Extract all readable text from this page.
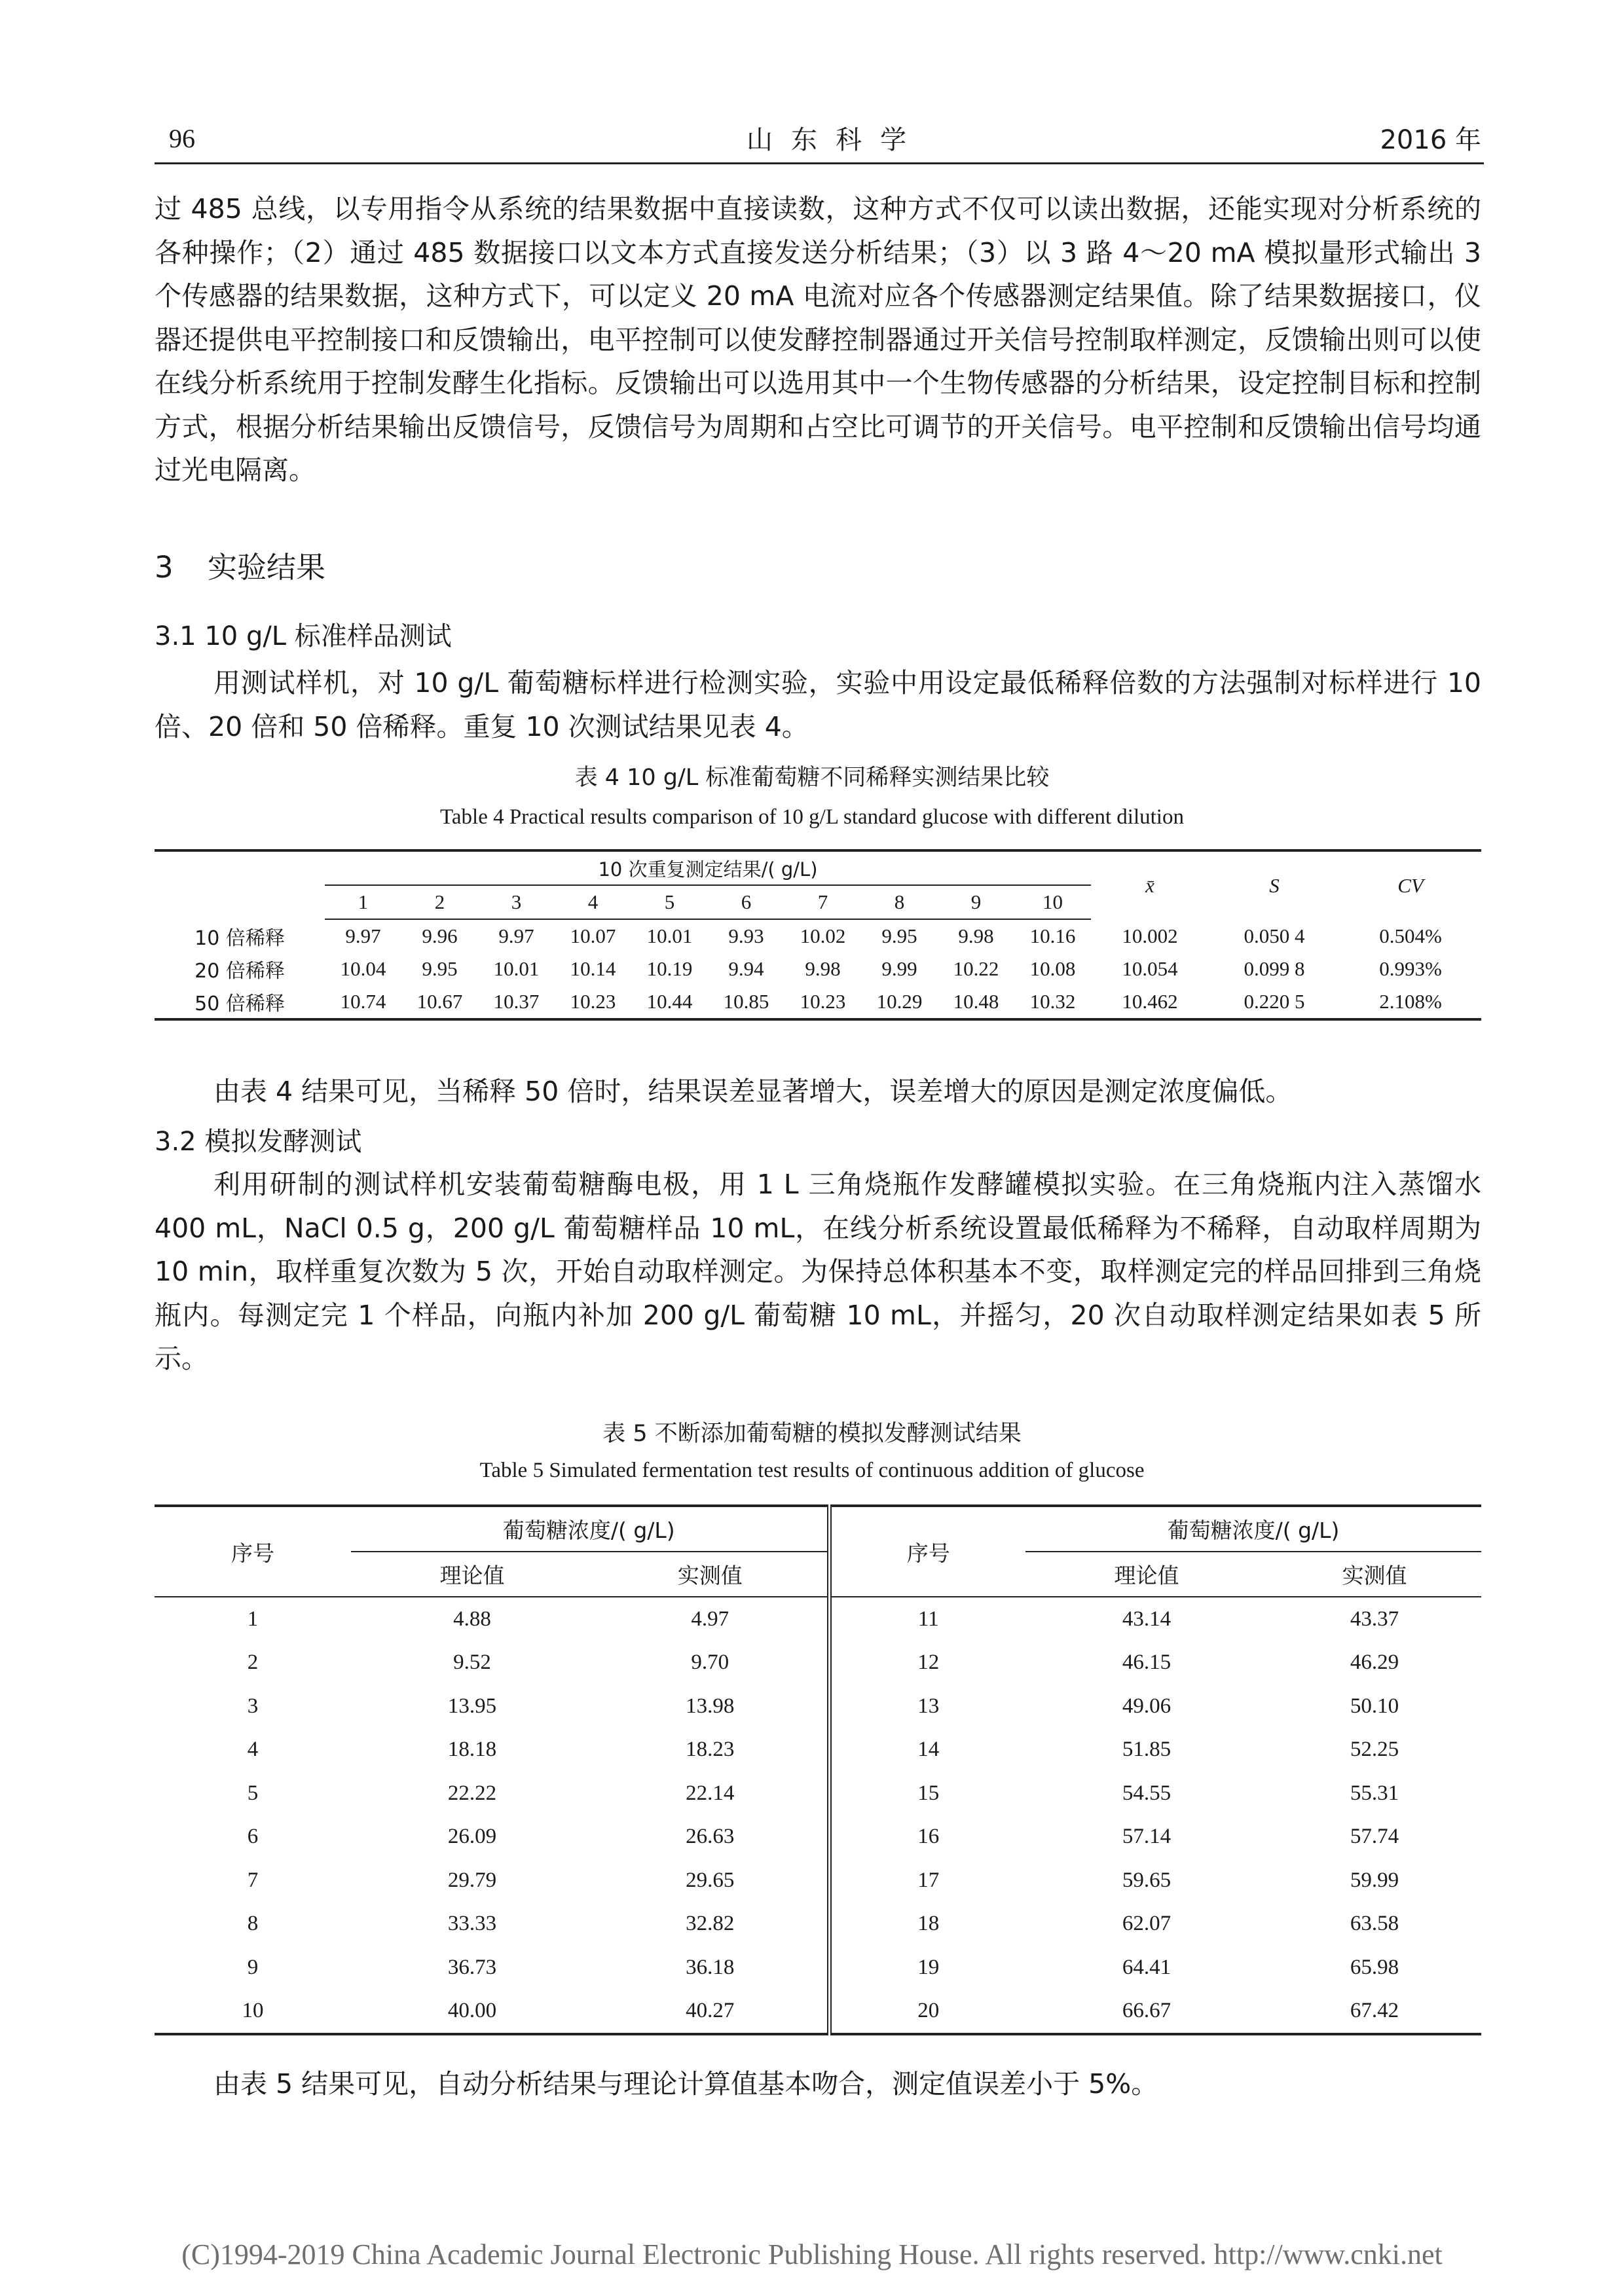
96	山东科学	2016 年

过 485 总线，以专用指令从系统的结果数据中直接读数，这种方式不仅可以读出数据，还能实现对分析系统的各种操作；（2）通过 485 数据接口以文本方式直接发送分析结果；（3）以 3 路 4～20 mA 模拟量形式输出 3 个传感器的结果数据，这种方式下，可以定义 20 mA 电流对应各个传感器测定结果值。除了结果数据接口，仪器还提供电平控制接口和反馈输出，电平控制可以使发酵控制器通过开关信号控制取样测定，反馈输出则可以使在线分析系统用于控制发酵生化指标。反馈输出可以选用其中一个生物传感器的分析结果，设定控制目标和控制方式，根据分析结果输出反馈信号，反馈信号为周期和占空比可调节的开关信号。电平控制和反馈输出信号均通过光电隔离。

3 实验结果
3.1 10 g/L 标准样品测试

用测试样机，对 10 g/L 葡萄糖标样进行检测实验，实验中用设定最低稀释倍数的方法强制对标样进行 10 倍、20 倍和 50 倍稀释。重复 10 次测试结果见表 4。

表 4 10 g/L 标准葡萄糖不同稀释实测结果比较
Table 4 Practical results comparison of 10 g/L standard glucose with different dilution
	10 次重复测定结果/( g/L)										x̄	S	CV
	1	2	3	4	5	6	7	8	9	10			
10 倍稀释	9.97	9.96	9.97	10.07	10.01	9.93	10.02	9.95	9.98	10.16	10.002	0.050 4	0.504%
20 倍稀释	10.04	9.95	10.01	10.14	10.19	9.94	9.98	9.99	10.22	10.08	10.054	0.099 8	0.993%
50 倍稀释	10.74	10.67	10.37	10.23	10.44	10.85	10.23	10.29	10.48	10.32	10.462	0.220 5	2.108%

由表 4 结果可见，当稀释 50 倍时，结果误差显著增大，误差增大的原因是测定浓度偏低。

3.2 模拟发酵测试

利用研制的测试样机安装葡萄糖酶电极，用 1 L 三角烧瓶作发酵罐模拟实验。在三角烧瓶内注入蒸馏水 400 mL，NaCl 0.5 g，200 g/L 葡萄糖样品 10 mL，在线分析系统设置最低稀释为不稀释，自动取样周期为 10 min，取样重复次数为 5 次，开始自动取样测定。为保持总体积基本不变，取样测定完的样品回排到三角烧瓶内。每测定完 1 个样品，向瓶内补加 200 g/L 葡萄糖 10 mL，并摇匀，20 次自动取样测定结果如表 5 所示。

表 5 不断添加葡萄糖的模拟发酵测试结果
Table 5 Simulated fermentation test results of continuous addition of glucose
序号	葡萄糖浓度/( g/L)		序号	葡萄糖浓度/( g/L)	
	理论值	实测值		理论值	实测值
1	4.88	4.97	11	43.14	43.37
2	9.52	9.70	12	46.15	46.29
3	13.95	13.98	13	49.06	50.10
4	18.18	18.23	14	51.85	52.25
5	22.22	22.14	15	54.55	55.31
6	26.09	26.63	16	57.14	57.74
7	29.79	29.65	17	59.65	59.99
8	33.33	32.82	18	62.07	63.58
9	36.73	36.18	19	64.41	65.98
10	40.00	40.27	20	66.67	67.42

由表 5 结果可见，自动分析结果与理论计算值基本吻合，测定值误差小于 5%。

(C)1994-2019 China Academic Journal Electronic Publishing House. All rights reserved. http://www.cnki.net
